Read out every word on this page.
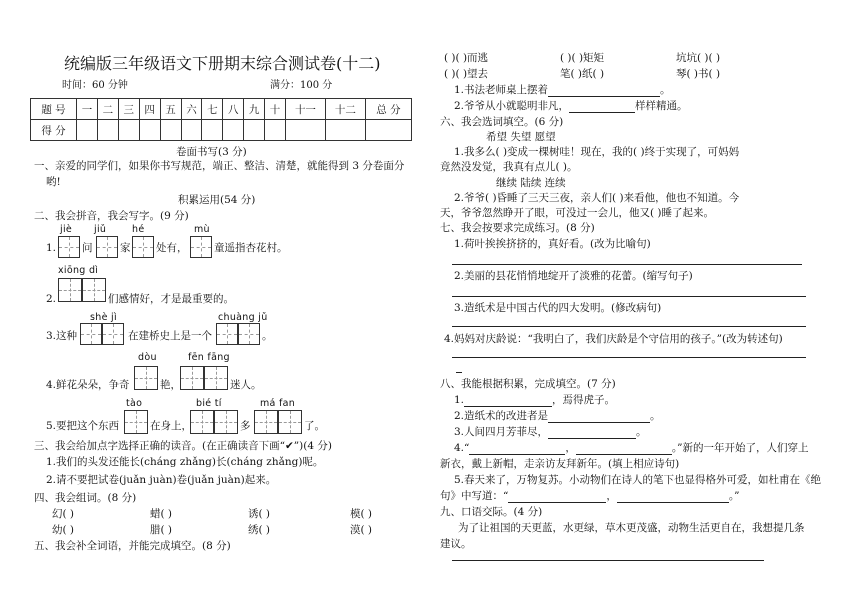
统编版三年级语文下册期末综合测试卷(十二)
时间：60 分钟	满分：100 分
题 号	一	二	三	四	五	六	七	八	九	十	十一	十二	总 分
得 分													
卷面书写(3 分)
一、亲爱的同学们，如果你书写规范，端正、整洁、清楚，就能得到 3 分卷面分
哟!
积累运用(54 分)
二、我会拼音，我会写字。(9 分)
jiè jiǔ	hé	mù
1. 问	家 处有，	童遥指杏花村。
xiōng dì
2.	们感情好，才是最重要的。
shè jì	chuàng jǔ
3.这种	在建桥史上是一个	。
dòu	fēn fāng
4.鲜花朵朵，争奇	艳，	迷人。
tào	bié tí	má fan
5.要把这个东西	在身上，	多	了。
三、我会给加点字选择正确的读音。(在正确读音下画“✔”)(4 分)
1.我们的头发还能长(cháng zhǎng)长(cháng zhǎng)呢。
2.请不要把试卷(juǎn juàn)卷(juǎn juàn)起来。
四、我会组词。(8 分)
幻( )	蜡( )	诱( )	模( )
幼( )	腊( )	绣( )	漠( )
五、我会补全词语，并能完成填空。(8 分)
( )( )而逃	( )( )矩矩	坑坑( )( )
( )( )望去	笔( )纸( )	琴( )书( )
1.书法老师桌上摆着	。
2.爷爷从小就聪明非凡，	样样精通。
六、我会选词填空。(6 分)
希望 失望 愿望
1.我多么( )变成一棵树哇！现在，我的( )终于实现了，可妈妈
竟然没发觉，我真有点儿( )。
继续 陆续 连续
2.爷爷( )昏睡了三天三夜，亲人们( )来看他，他也不知道。今
天，爷爷忽然睁开了眼，可没过一会儿，他又( )睡了起来。
七、我会按要求完成练习。(8 分)
1.荷叶挨挨挤挤的，真好看。(改为比喻句)
2.美丽的县花悄悄地绽开了淡雅的花蕾。(缩写句子)
3.造纸术是中国古代的四大发明。(修改病句)
4.妈妈对庆龄说：“我明白了，我们庆龄是个守信用的孩子。”(改为转述句)
八、我能根据积累，完成填空。(7 分)
1.	，焉得虎子。
2.造纸术的改进者是	。
3.人间四月芳菲尽，	。
4.“	，	。”新的一年开始了，人们穿上
新衣，戴上新帽，走亲访友拜新年。(填上相应诗句)
5.春天来了，万物复苏。小动物们在诗人的笔下也显得格外可爱，如杜甫在《绝
句》中写道：“	，	。”
九、口语交际。(4 分)
为了让祖国的天更蓝，水更绿，草木更茂盛，动物生活更自在，我想提几条
建议。
